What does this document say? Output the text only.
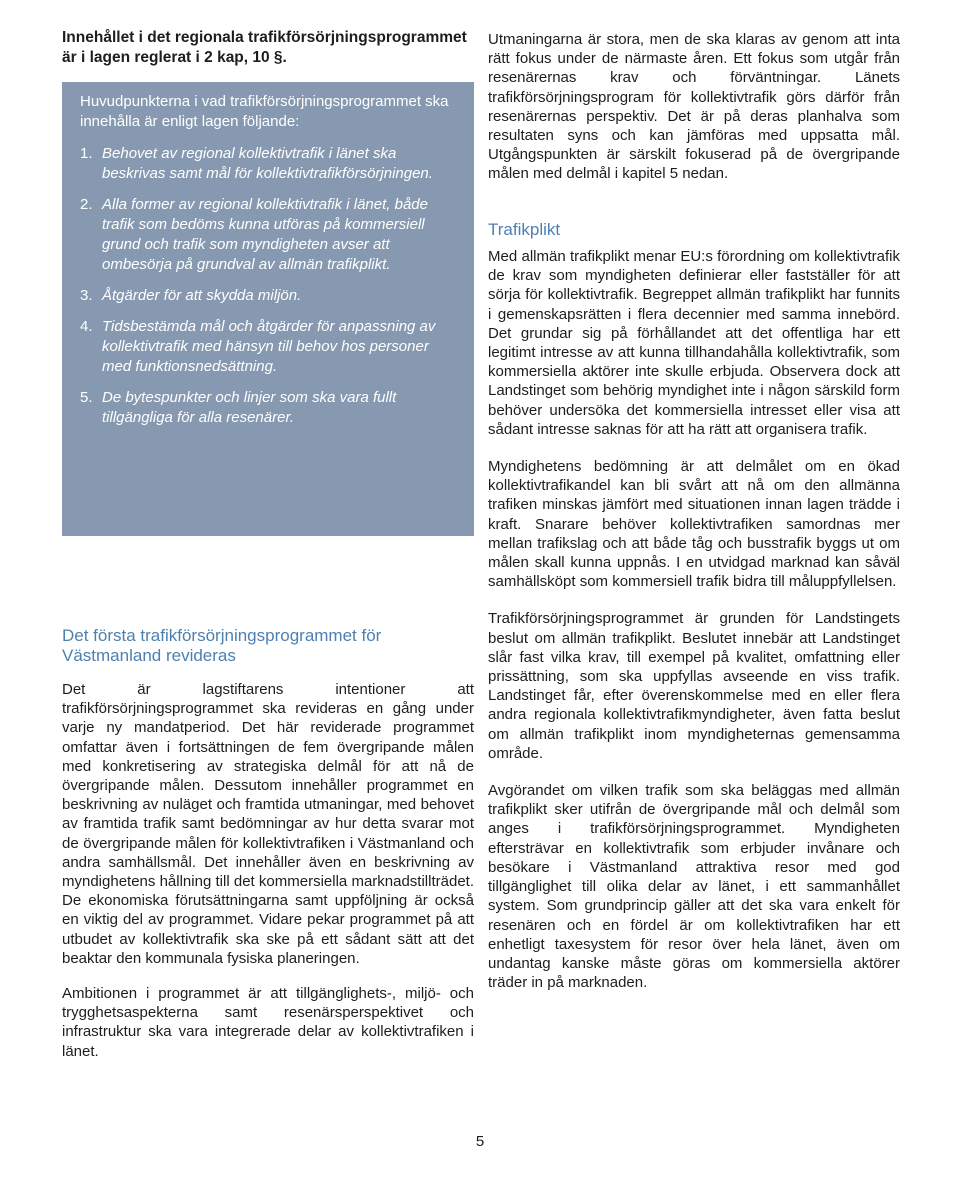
Innehållet i det regionala trafikförsörjningsprogrammet är i lagen reglerat i 2 kap, 10 §.

Huvudpunkterna i vad trafikförsörjningsprogrammet ska innehålla är enligt lagen följande:

1. Behovet av regional kollektivtrafik i länet ska beskrivas samt mål för kollektivtrafikförsörjningen.
2. Alla former av regional kollektivtrafik i länet, både trafik som bedöms kunna utföras på kommersiell grund och trafik som myndigheten avser att ombesörja på grundval av allmän trafikplikt.
3. Åtgärder för att skydda miljön.
4. Tidsbestämda mål och åtgärder för anpassning av kollektivtrafik med hänsyn till behov hos personer med funktionsnedsättning.
5. De bytespunkter och linjer som ska vara fullt tillgängliga för alla resenärer.
Det första trafikförsörjningsprogrammet för Västmanland revideras

Det är lagstiftarens intentioner att trafikförsörjningsprogrammet ska revideras en gång under varje ny mandatperiod. Det här reviderade programmet omfattar även i fortsättningen de fem övergripande målen med konkretisering av strategiska delmål för att nå de övergripande målen. Dessutom innehåller programmet en beskrivning av nuläget och framtida utmaningar, med behovet av framtida trafik samt bedömningar av hur detta svarar mot de övergripande målen för kollektivtrafiken i Västmanland och andra samhällsmål. Det innehåller även en beskrivning av myndighetens hållning till det kommersiella marknadstillträdet. De ekonomiska förutsättningarna samt uppföljning är också en viktig del av programmet. Vidare pekar programmet på att utbudet av kollektivtrafik ska ske på ett sådant sätt att det beaktar den kommunala fysiska planeringen.

Ambitionen i programmet är att tillgänglighets-, miljö- och trygghetsaspekterna samt resenärsperspektivet och infrastruktur ska vara integrerade delar av kollektivtrafiken i länet.

Utmaningarna är stora, men de ska klaras av genom att inta rätt fokus under de närmaste åren. Ett fokus som utgår från resenärernas krav och förväntningar. Länets trafikförsörjningsprogram för kollektivtrafik görs därför från resenärernas perspektiv. Det är på deras planhalva som resultaten syns och kan jämföras med uppsatta mål. Utgångspunkten är särskilt fokuserad på de övergripande målen med delmål i kapitel 5 nedan.

Trafikplikt

Med allmän trafikplikt menar EU:s förordning om kollektivtrafik de krav som myndigheten definierar eller fastställer för att sörja för kollektivtrafik. Begreppet allmän trafikplikt har funnits i gemenskapsrätten i flera decennier med samma innebörd. Det grundar sig på förhållandet att det offentliga har ett legitimt intresse av att kunna tillhandahålla kollektivtrafik, som kommersiella aktörer inte skulle erbjuda. Observera dock att Landstinget som behörig myndighet inte i någon särskild form behöver undersöka det kommersiella intresset eller visa att sådant intresse saknas för att ha rätt att organisera trafik.

Myndighetens bedömning är att delmålet om en ökad kollektivtrafikandel kan bli svårt att nå om den allmänna trafiken minskas jämfört med situationen innan lagen trädde i kraft. Snarare behöver kollektivtrafiken samordnas mer mellan trafikslag och att både tåg och busstrafik byggs ut om målen skall kunna uppnås. I en utvidgad marknad kan såväl samhällsköpt som kommersiell trafik bidra till måluppfyllelsen.

Trafikförsörjningsprogrammet är grunden för Landstingets beslut om allmän trafikplikt. Beslutet innebär att Landstinget slår fast vilka krav, till exempel på kvalitet, omfattning eller prissättning, som ska uppfyllas avseende en viss trafik. Landstinget får, efter överenskommelse med en eller flera andra regionala kollektivtrafikmyndigheter, även fatta beslut om allmän trafikplikt inom myndigheternas gemensamma område.

Avgörandet om vilken trafik som ska beläggas med allmän trafikplikt sker utifrån de övergripande mål och delmål som anges i trafikförsörjningsprogrammet. Myndigheten eftersträvar en kollektivtrafik som erbjuder invånare och besökare i Västmanland attraktiva resor med god tillgänglighet till olika delar av länet, i ett sammanhållet system. Som grundprincip gäller att det ska vara enkelt för resenären och en fördel är om kollektivtrafiken har ett enhetligt taxesystem för resor över hela länet, även om undantag kanske måste göras om kommersiella aktörer träder in på marknaden.

5
